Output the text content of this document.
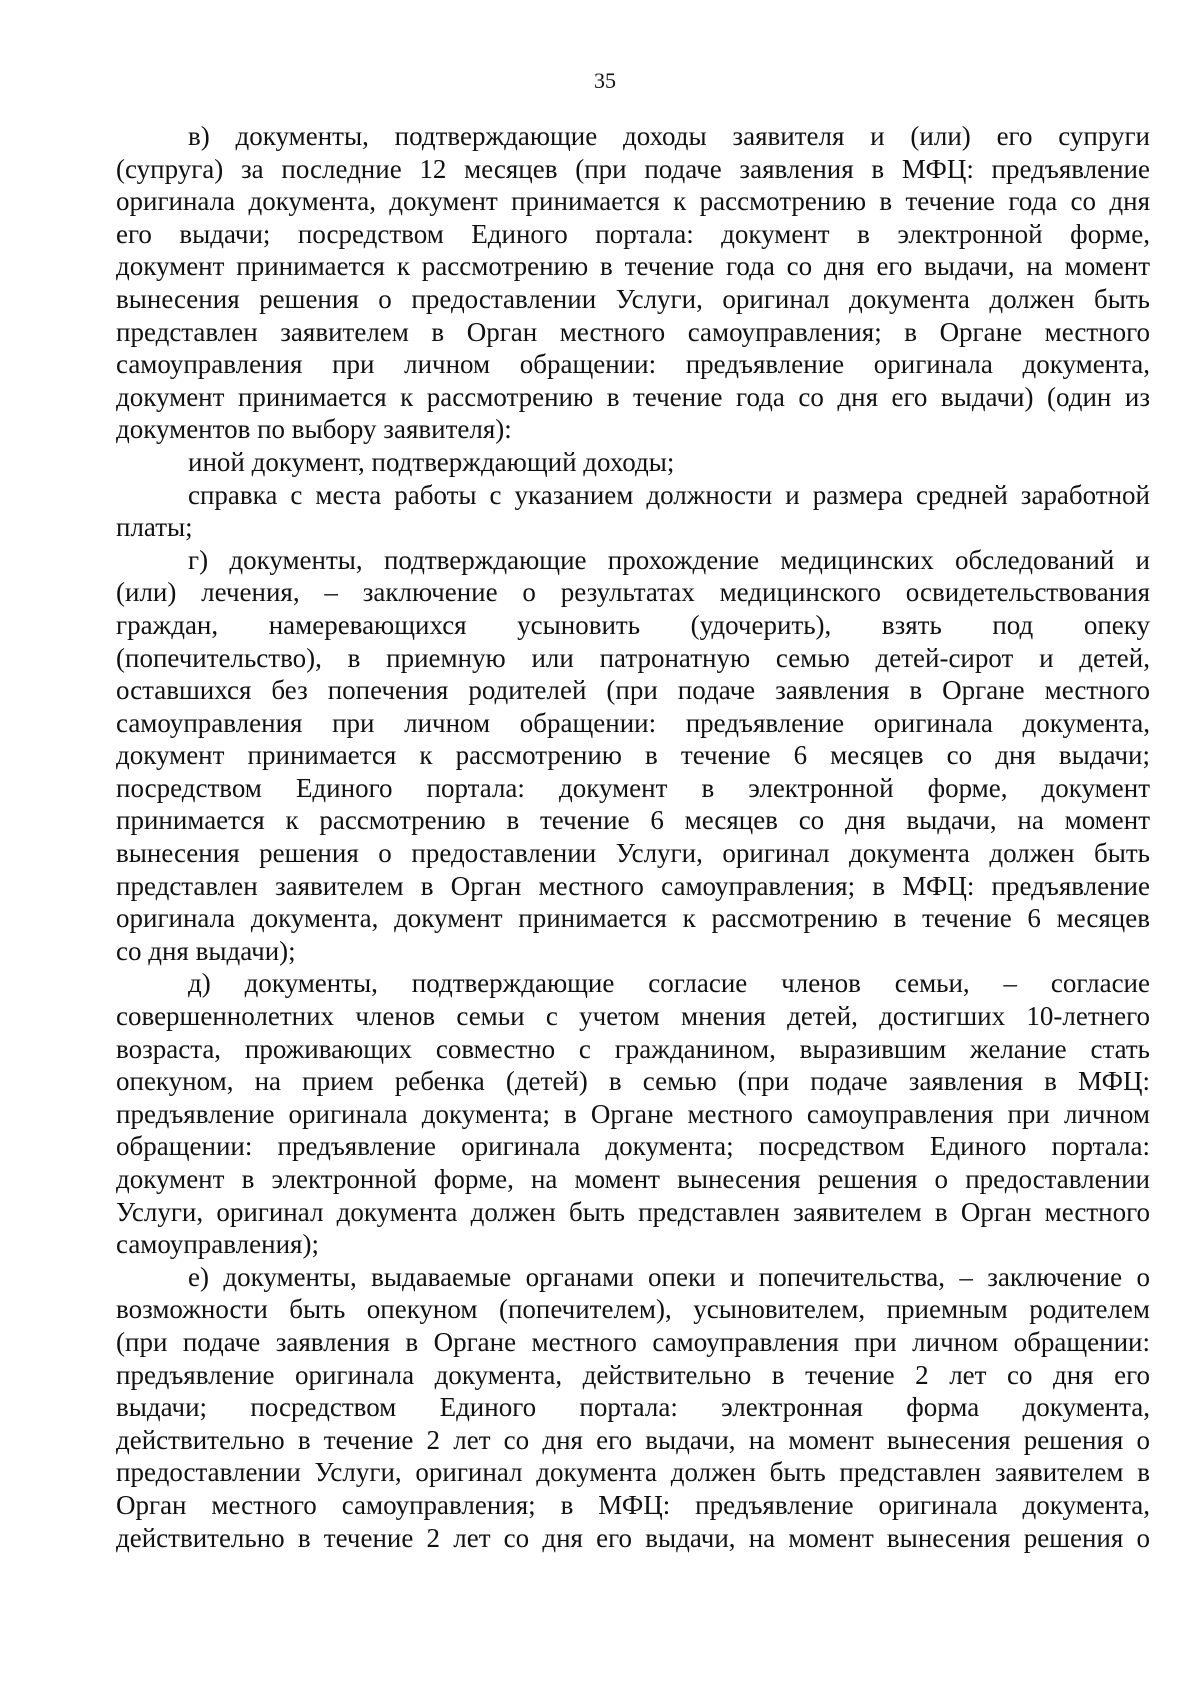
35
в) документы, подтверждающие доходы заявителя и (или) его супруги
(супруга) за последние 12 месяцев (при подаче заявления в МФЦ: предъявление
оригинала документа, документ принимается к рассмотрению в течение года со дня
его выдачи; посредством Единого портала: документ в электронной форме,
документ принимается к рассмотрению в течение года со дня его выдачи, на момент
вынесения решения о предоставлении Услуги, оригинал документа должен быть
представлен заявителем в Орган местного самоуправления; в Органе местного
самоуправления при личном обращении: предъявление оригинала документа,
документ принимается к рассмотрению в течение года со дня его выдачи) (один из
документов по выбору заявителя):
иной документ, подтверждающий доходы;
справка с места работы с указанием должности и размера средней заработной
платы;
г) документы, подтверждающие прохождение медицинских обследований и
(или) лечения, – заключение о результатах медицинского освидетельствования
граждан, намеревающихся усыновить (удочерить), взять под опеку
(попечительство), в приемную или патронатную семью детей-сирот и детей,
оставшихся без попечения родителей (при подаче заявления в Органе местного
самоуправления при личном обращении: предъявление оригинала документа,
документ принимается к рассмотрению в течение 6 месяцев со дня выдачи;
посредством Единого портала: документ в электронной форме, документ
принимается к рассмотрению в течение 6 месяцев со дня выдачи, на момент
вынесения решения о предоставлении Услуги, оригинал документа должен быть
представлен заявителем в Орган местного самоуправления; в МФЦ: предъявление
оригинала документа, документ принимается к рассмотрению в течение 6 месяцев
со дня выдачи);
д) документы, подтверждающие согласие членов семьи, – согласие
совершеннолетних членов семьи с учетом мнения детей, достигших 10-летнего
возраста, проживающих совместно с гражданином, выразившим желание стать
опекуном, на прием ребенка (детей) в семью (при подаче заявления в МФЦ:
предъявление оригинала документа; в Органе местного самоуправления при личном
обращении: предъявление оригинала документа; посредством Единого портала:
документ в электронной форме, на момент вынесения решения о предоставлении
Услуги, оригинал документа должен быть представлен заявителем в Орган местного
самоуправления);
е) документы, выдаваемые органами опеки и попечительства, – заключение о
возможности быть опекуном (попечителем), усыновителем, приемным родителем
(при подаче заявления в Органе местного самоуправления при личном обращении:
предъявление оригинала документа, действительно в течение 2 лет со дня его
выдачи; посредством Единого портала: электронная форма документа,
действительно в течение 2 лет со дня его выдачи, на момент вынесения решения о
предоставлении Услуги, оригинал документа должен быть представлен заявителем в
Орган местного самоуправления; в МФЦ: предъявление оригинала документа,
действительно в течение 2 лет со дня его выдачи, на момент вынесения решения о
